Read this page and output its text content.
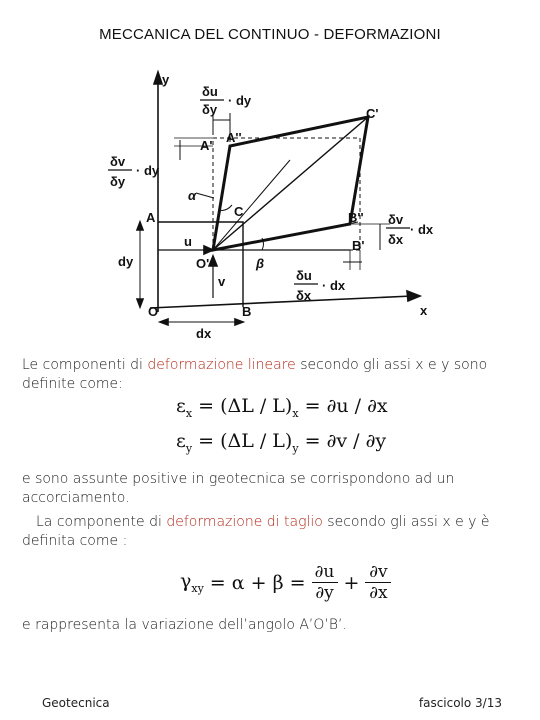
MECCANICA DEL CONTINUO - DEFORMAZIONI
y
x
O
O'
A
A'
A''
B
B'
B''
C
C'
α
β
u
v
dx
dy
δu
δy
· dy
δv
δy
· dy
δv
δx
· dx
δu
δx
· dx
Le componenti di deformazione lineare secondo gli assi x e y sono definite come:
$\varepsilon_x = (\Delta L / L)_x = \partial u / \partial x$
$\varepsilon_y = (\Delta L / L)_y = \partial v / \partial y$
e sono assunte positive in geotecnica se corrispondono ad un accorciamento.
La componente di deformazione di taglio secondo gli assi x e y è definita come :
$\gamma_{xy} = \alpha + \beta = \partial u$
∂y + ∂v
∂x
e rappresenta la variazione dell’angolo A’O’B’.
Geotecnica	fascicolo 3/13
